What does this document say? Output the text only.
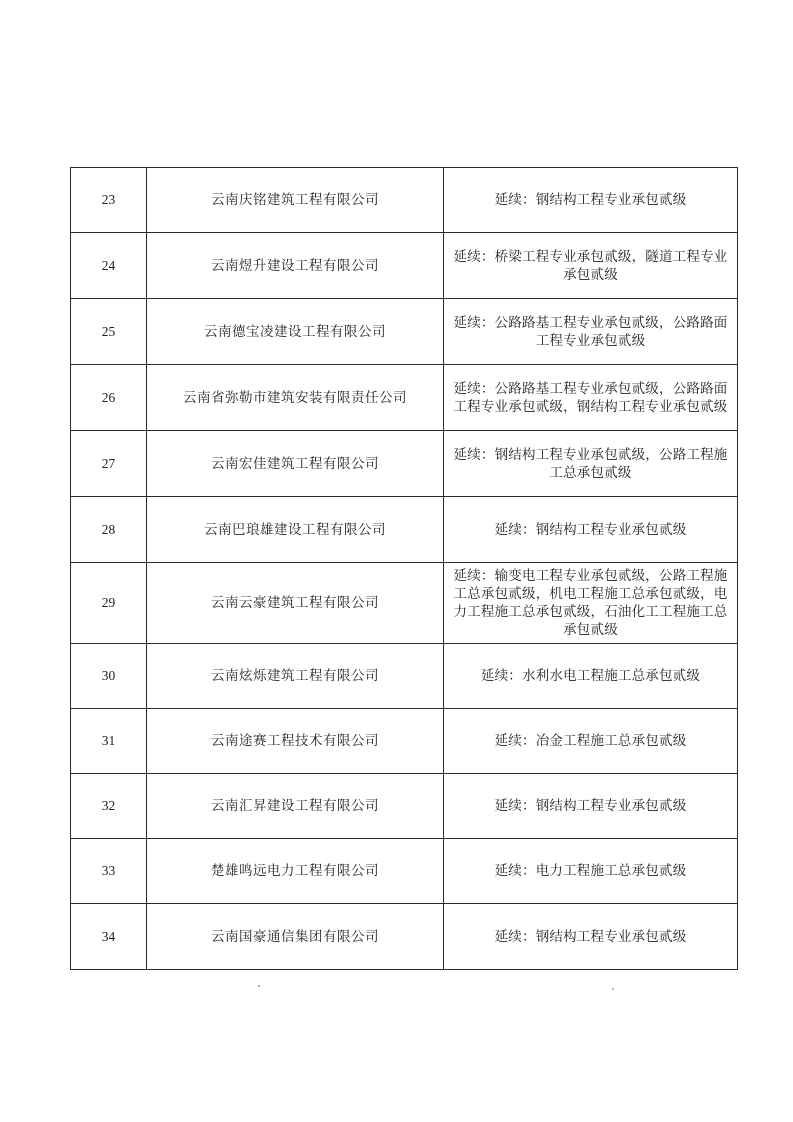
23	云南庆铭建筑工程有限公司	延续：钢结构工程专业承包贰级
24	云南煜升建设工程有限公司	延续：桥梁工程专业承包贰级，隧道工程专业承包贰级
25	云南德宝凌建设工程有限公司	延续：公路路基工程专业承包贰级，公路路面工程专业承包贰级
26	云南省弥勒市建筑安装有限责任公司	延续：公路路基工程专业承包贰级，公路路面工程专业承包贰级，钢结构工程专业承包贰级
27	云南宏佳建筑工程有限公司	延续：钢结构工程专业承包贰级，公路工程施工总承包贰级
28	云南巴琅雄建设工程有限公司	延续：钢结构工程专业承包贰级
29	云南云豪建筑工程有限公司	延续：输变电工程专业承包贰级，公路工程施工总承包贰级，机电工程施工总承包贰级，电力工程施工总承包贰级，石油化工工程施工总承包贰级
30	云南炫烁建筑工程有限公司	延续：水利水电工程施工总承包贰级
31	云南途赛工程技术有限公司	延续：冶金工程施工总承包贰级
32	云南汇昇建设工程有限公司	延续：钢结构工程专业承包贰级
33	楚雄鸣远电力工程有限公司	延续：电力工程施工总承包贰级
34	云南国豪通信集团有限公司	延续：钢结构工程专业承包贰级
